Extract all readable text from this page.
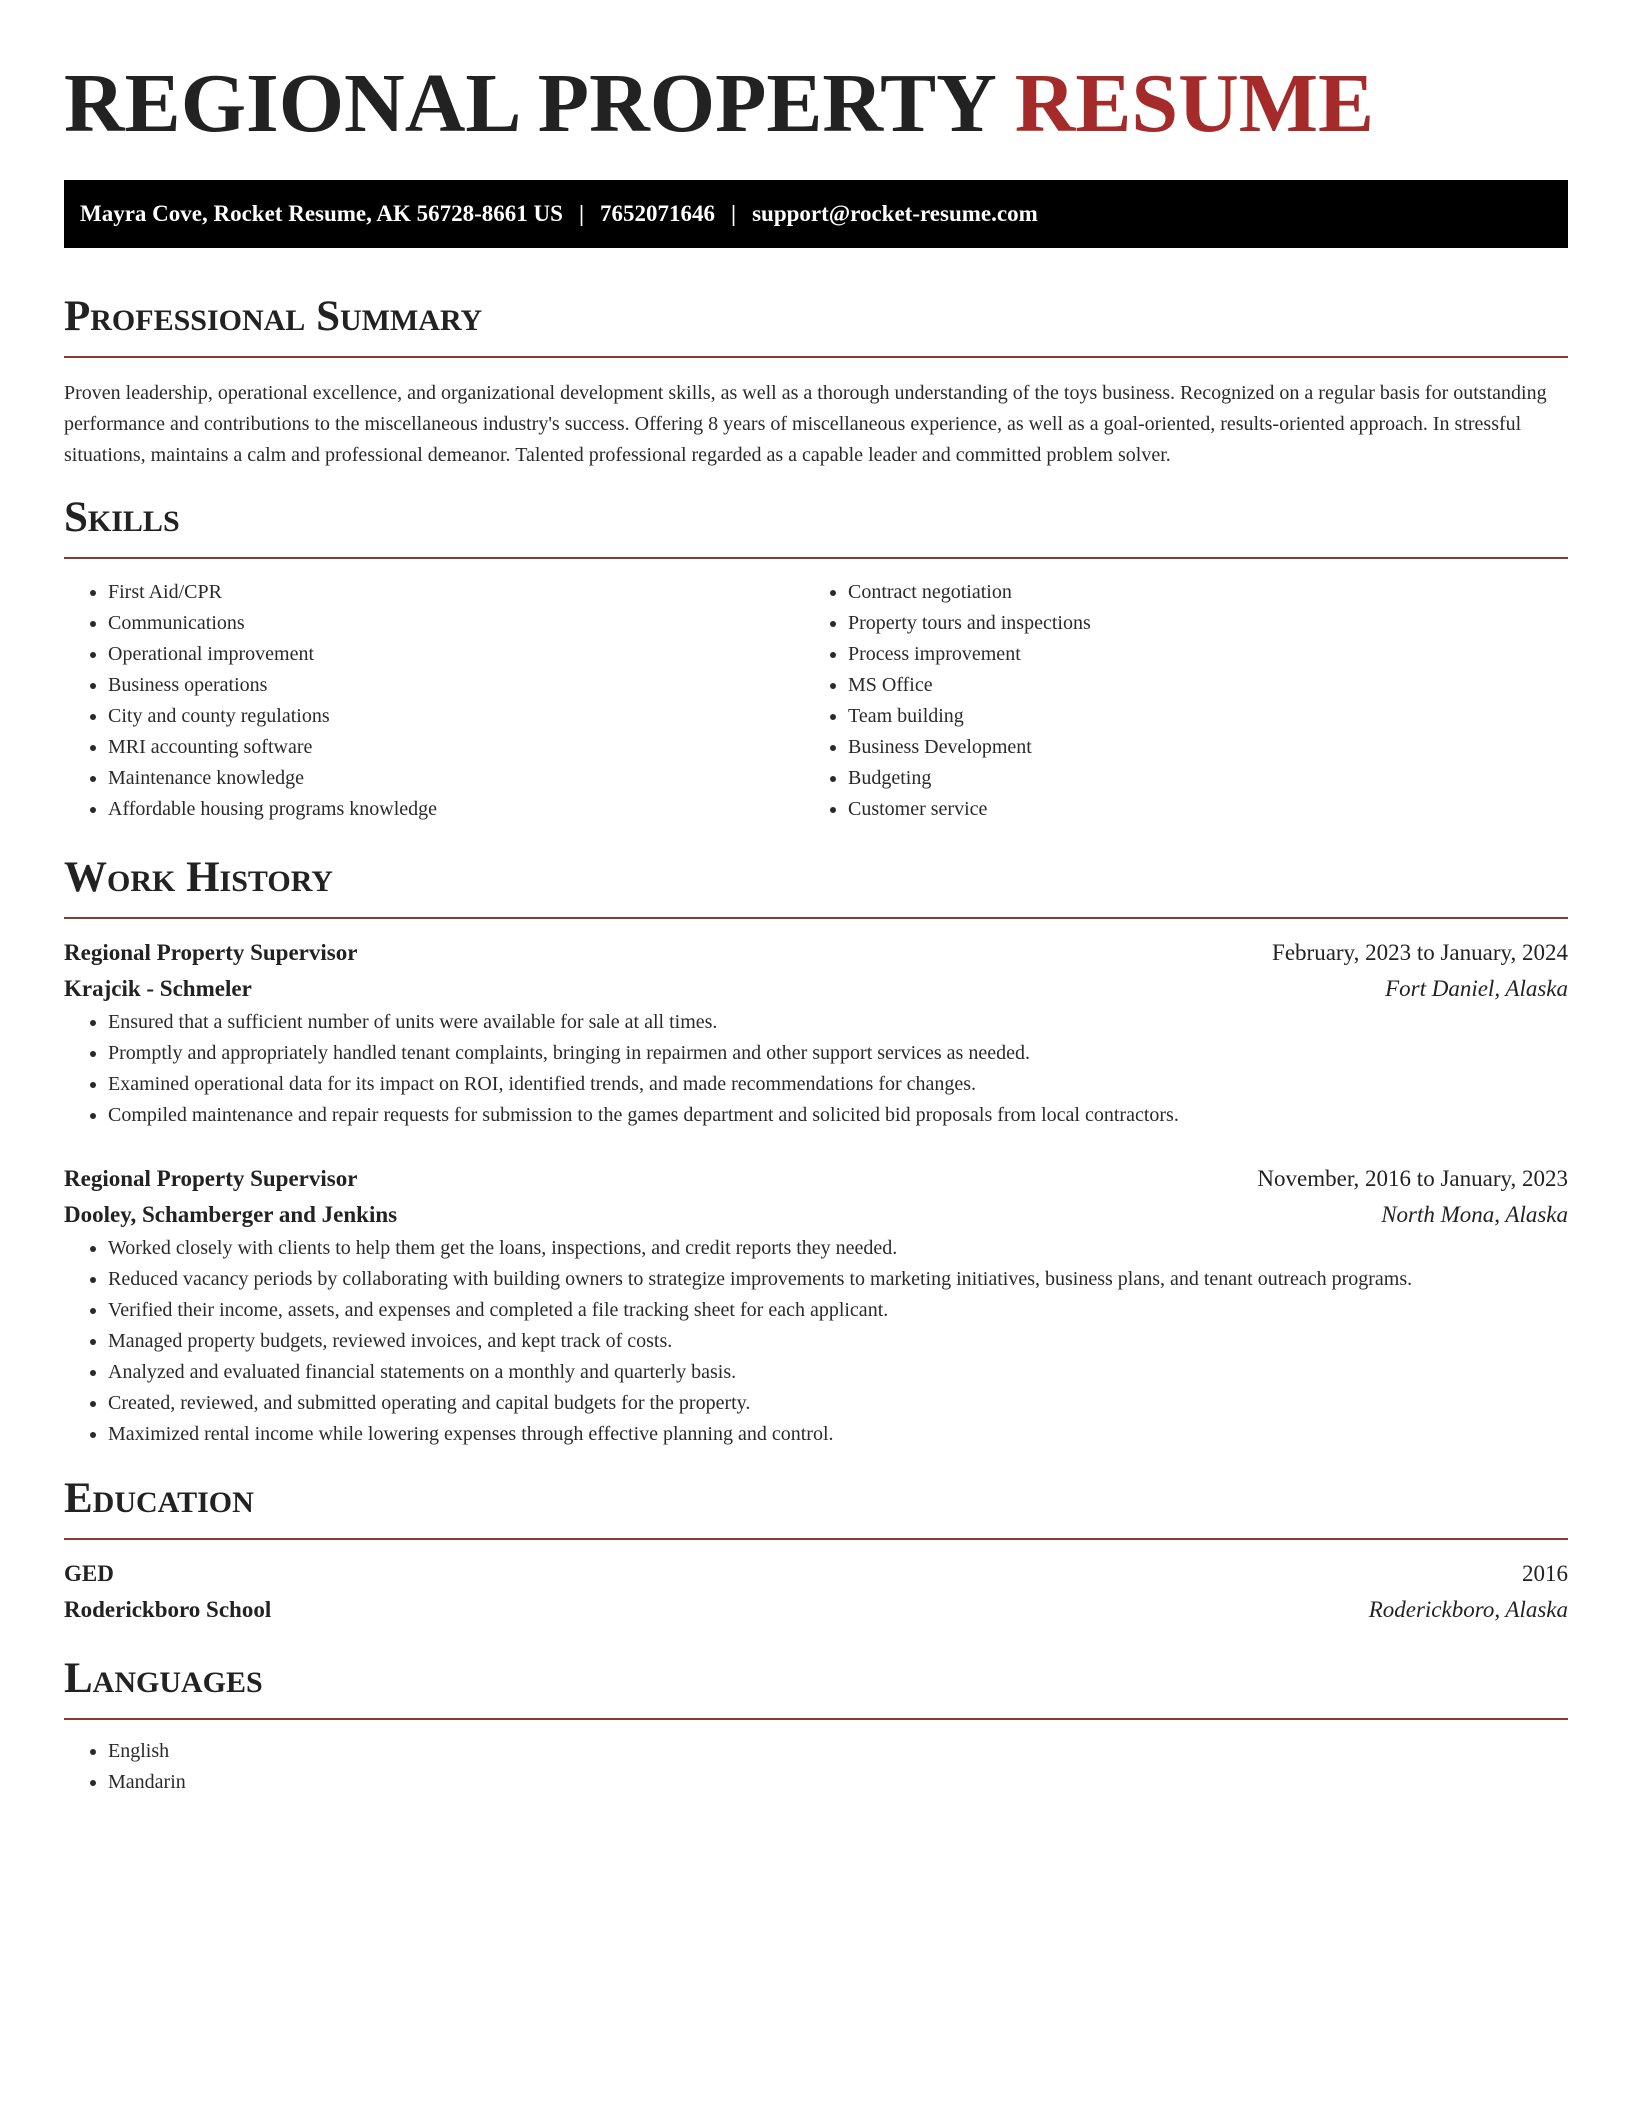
REGIONAL PROPERTY RESUME
Mayra Cove, Rocket Resume, AK 56728-8661 US | 7652071646 | support@rocket-resume.com
Professional Summary

Proven leadership, operational excellence, and organizational development skills, as well as a thorough understanding of the toys business. Recognized on a regular basis for outstanding performance and contributions to the miscellaneous industry's success. Offering 8 years of miscellaneous experience, as well as a goal-oriented, results-oriented approach. In stressful situations, maintains a calm and professional demeanor. Talented professional regarded as a capable leader and committed problem solver.

Skills
• First Aid/CPR
• Communications
• Operational improvement
• Business operations
• City and county regulations
• MRI accounting software
• Maintenance knowledge
• Affordable housing programs knowledge
• Contract negotiation
• Property tours and inspections
• Process improvement
• MS Office
• Team building
• Business Development
• Budgeting
• Customer service
Work History
Regional Property Supervisor	February, 2023 to January, 2024
Krajcik - Schmeler	Fort Daniel, Alaska
• Ensured that a sufficient number of units were available for sale at all times.
• Promptly and appropriately handled tenant complaints, bringing in repairmen and other support services as needed.
• Examined operational data for its impact on ROI, identified trends, and made recommendations for changes.
• Compiled maintenance and repair requests for submission to the games department and solicited bid proposals from local contractors.
Regional Property Supervisor	November, 2016 to January, 2023
Dooley, Schamberger and Jenkins	North Mona, Alaska
• Worked closely with clients to help them get the loans, inspections, and credit reports they needed.
• Reduced vacancy periods by collaborating with building owners to strategize improvements to marketing initiatives, business plans, and tenant outreach programs.
• Verified their income, assets, and expenses and completed a file tracking sheet for each applicant.
• Managed property budgets, reviewed invoices, and kept track of costs.
• Analyzed and evaluated financial statements on a monthly and quarterly basis.
• Created, reviewed, and submitted operating and capital budgets for the property.
• Maximized rental income while lowering expenses through effective planning and control.
Education
GED	2016
Roderickboro School	Roderickboro, Alaska
Languages
• English
• Mandarin
